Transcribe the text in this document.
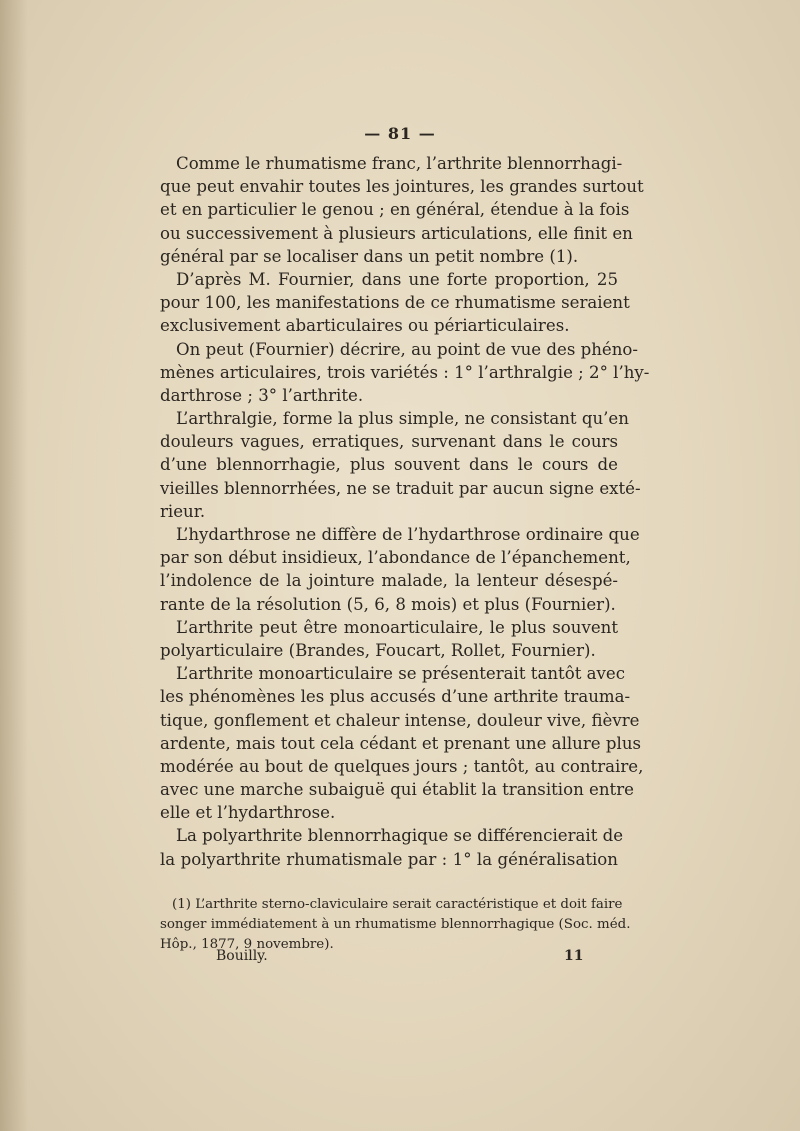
— 81 —
Comme le rhumatisme franc, l’arthrite blennorrhagi-
que peut envahir toutes les jointures, les grandes surtout
et en particulier le genou ; en général, étendue à la fois
ou successivement à plusieurs articulations, elle finit en
général par se localiser dans un petit nombre (1).
D’après M. Fournier, dans une forte proportion, 25
pour 100, les manifestations de ce rhumatisme seraient
exclusivement abarticulaires ou périarticulaires.
On peut (Fournier) décrire, au point de vue des phéno-
mènes articulaires, trois variétés : 1° l’arthralgie ; 2° l’hy-
darthrose ; 3° l’arthrite.
L’arthralgie, forme la plus simple, ne consistant qu’en
douleurs vagues, erratiques, survenant dans le cours
d’une blennorrhagie, plus souvent dans le cours de
vieilles blennorrhées, ne se traduit par aucun signe exté-
rieur.
L’hydarthrose ne diffère de l’hydarthrose ordinaire que
par son début insidieux, l’abondance de l’épanchement,
l’indolence de la jointure malade, la lenteur désespé-
rante de la résolution (5, 6, 8 mois) et plus (Fournier).
L’arthrite peut être monoarticulaire, le plus souvent
polyarticulaire (Brandes, Foucart, Rollet, Fournier).
L’arthrite monoarticulaire se présenterait tantôt avec
les phénomènes les plus accusés d’une arthrite trauma-
tique, gonflement et chaleur intense, douleur vive, fièvre
ardente, mais tout cela cédant et prenant une allure plus
modérée au bout de quelques jours ; tantôt, au contraire,
avec une marche subaiguë qui établit la transition entre
elle et l’hydarthrose.
La polyarthrite blennorrhagique se différencierait de
la polyarthrite rhumatismale par : 1° la généralisation
(1) L’arthrite sterno-claviculaire serait caractéristique et doit faire
songer immédiatement à un rhumatisme blennorrhagique (Soc. méd.
Hôp., 1877, 9 novembre).
Bouilly.	11
